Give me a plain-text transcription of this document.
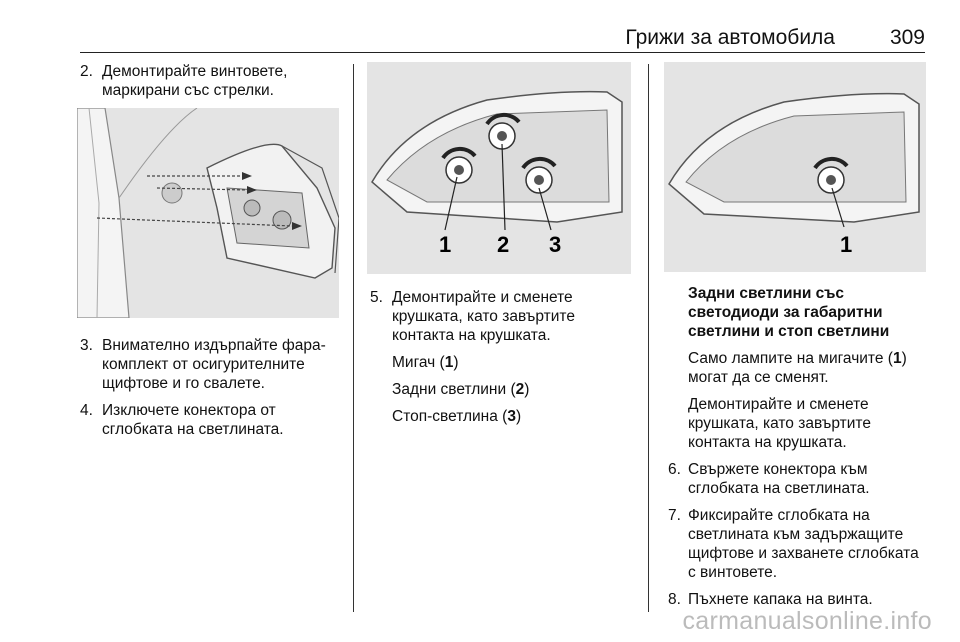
Грижи за автомобила	309
2. Демонтирайте винтовете, маркирани със стрелки.
3. Внимателно издърпайте фара-комплект от осигурителните щифтове и го свалете.
4. Изключете конектора от сглобката на светлината.
1 2 3
5. Демонтирайте и сменете крушката, като завъртите контакта на крушката.
Мигач (1)
Задни светлини (2)
Стоп-светлина (3)
1
Задни светлини със светодиоди за габаритни светлини и стоп светлини
Само лампите на мигачите (1) могат да се сменят.
Демонтирайте и сменете крушката, като завъртите контакта на крушката.
6. Свържете конектора към сглобката на светлината.
7. Фиксирайте сглобката на светлината към задържащите щифтове и захванете сглобката с винтовете.
8. Пъхнете капака на винта.
carmanualsonline.info
